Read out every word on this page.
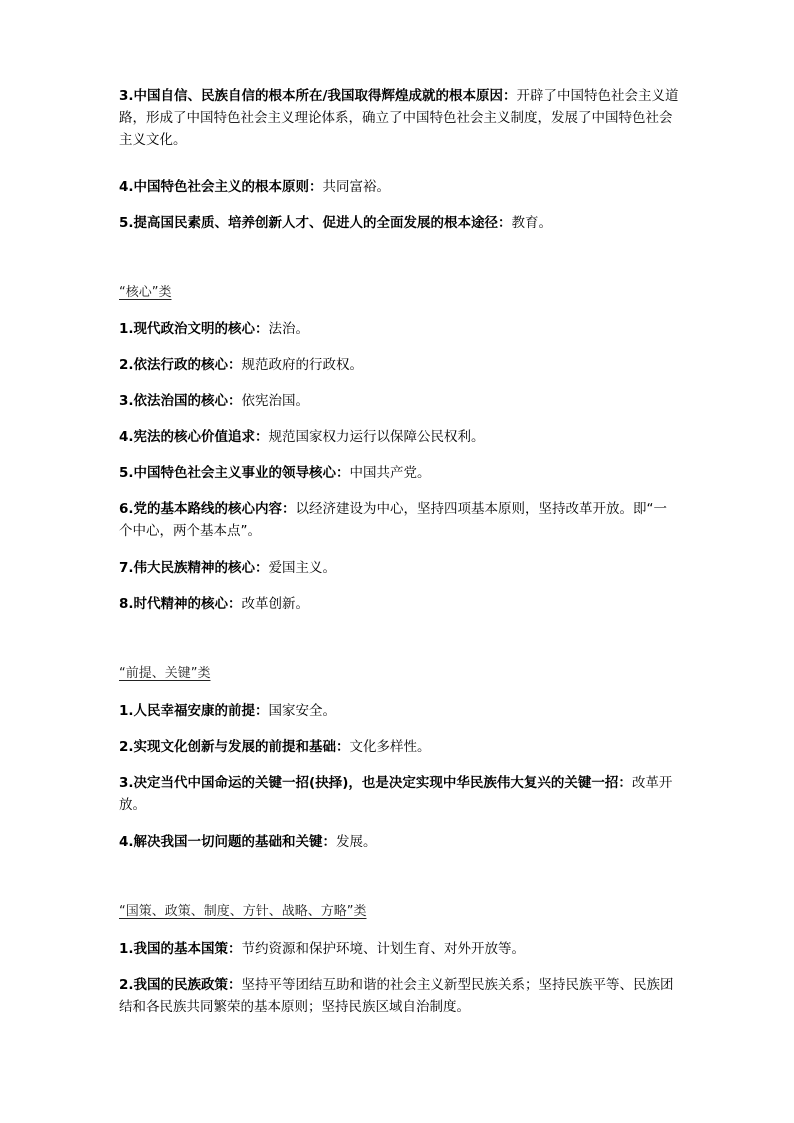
3.中国自信、民族自信的根本所在/我国取得辉煌成就的根本原因：开辟了中国特色社会主义道路，形成了中国特色社会主义理论体系，确立了中国特色社会主义制度，发展了中国特色社会主义文化。

4.中国特色社会主义的根本原则：共同富裕。

5.提高国民素质、培养创新人才、促进人的全面发展的根本途径：教育。

“核心”类

1.现代政治文明的核心：法治。

2.依法行政的核心：规范政府的行政权。

3.依法治国的核心：依宪治国。

4.宪法的核心价值追求：规范国家权力运行以保障公民权利。

5.中国特色社会主义事业的领导核心：中国共产党。

6.党的基本路线的核心内容：以经济建设为中心，坚持四项基本原则，坚持改革开放。即“一个中心，两个基本点”。

7.伟大民族精神的核心：爱国主义。

8.时代精神的核心：改革创新。

“前提、关键”类

1.人民幸福安康的前提：国家安全。

2.实现文化创新与发展的前提和基础：文化多样性。

3.决定当代中国命运的关键一招(抉择)，也是决定实现中华民族伟大复兴的关键一招：改革开放。

4.解决我国一切问题的基础和关键：发展。

“国策、政策、制度、方针、战略、方略”类

1.我国的基本国策：节约资源和保护环境、计划生育、对外开放等。

2.我国的民族政策：坚持平等团结互助和谐的社会主义新型民族关系；坚持民族平等、民族团结和各民族共同繁荣的基本原则；坚持民族区域自治制度。
